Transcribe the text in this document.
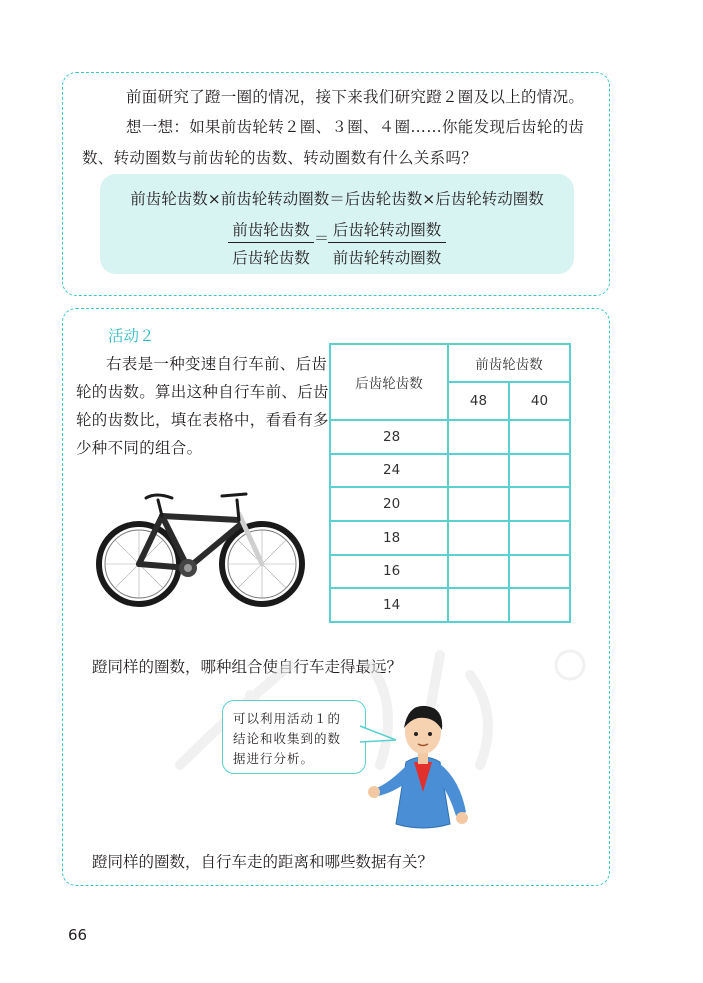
前面研究了蹬一圈的情况，接下来我们研究蹬２圈及以上的情况。
想一想：如果前齿轮转２圈、３圈、４圈……你能发现后齿轮的齿数、转动圈数与前齿轮的齿数、转动圈数有什么关系吗？
前齿轮齿数×前齿轮转动圈数＝后齿轮齿数×后齿轮转动圈数
前齿轮齿数
后齿轮齿数
＝ 后齿轮转动圈数
前齿轮转动圈数
活动２
右表是一种变速自行车前、后齿轮的齿数。算出这种自行车前、后齿轮的齿数比，填在表格中，看看有多少种不同的组合。
后齿轮齿数	前齿轮齿数	
	48	40
28		
24		
20		
18		
16		
14		
蹬同样的圈数，哪种组合使自行车走得最远？
可以利用活动１的
结论和收集到的数
据进行分析。
蹬同样的圈数，自行车走的距离和哪些数据有关？
66
